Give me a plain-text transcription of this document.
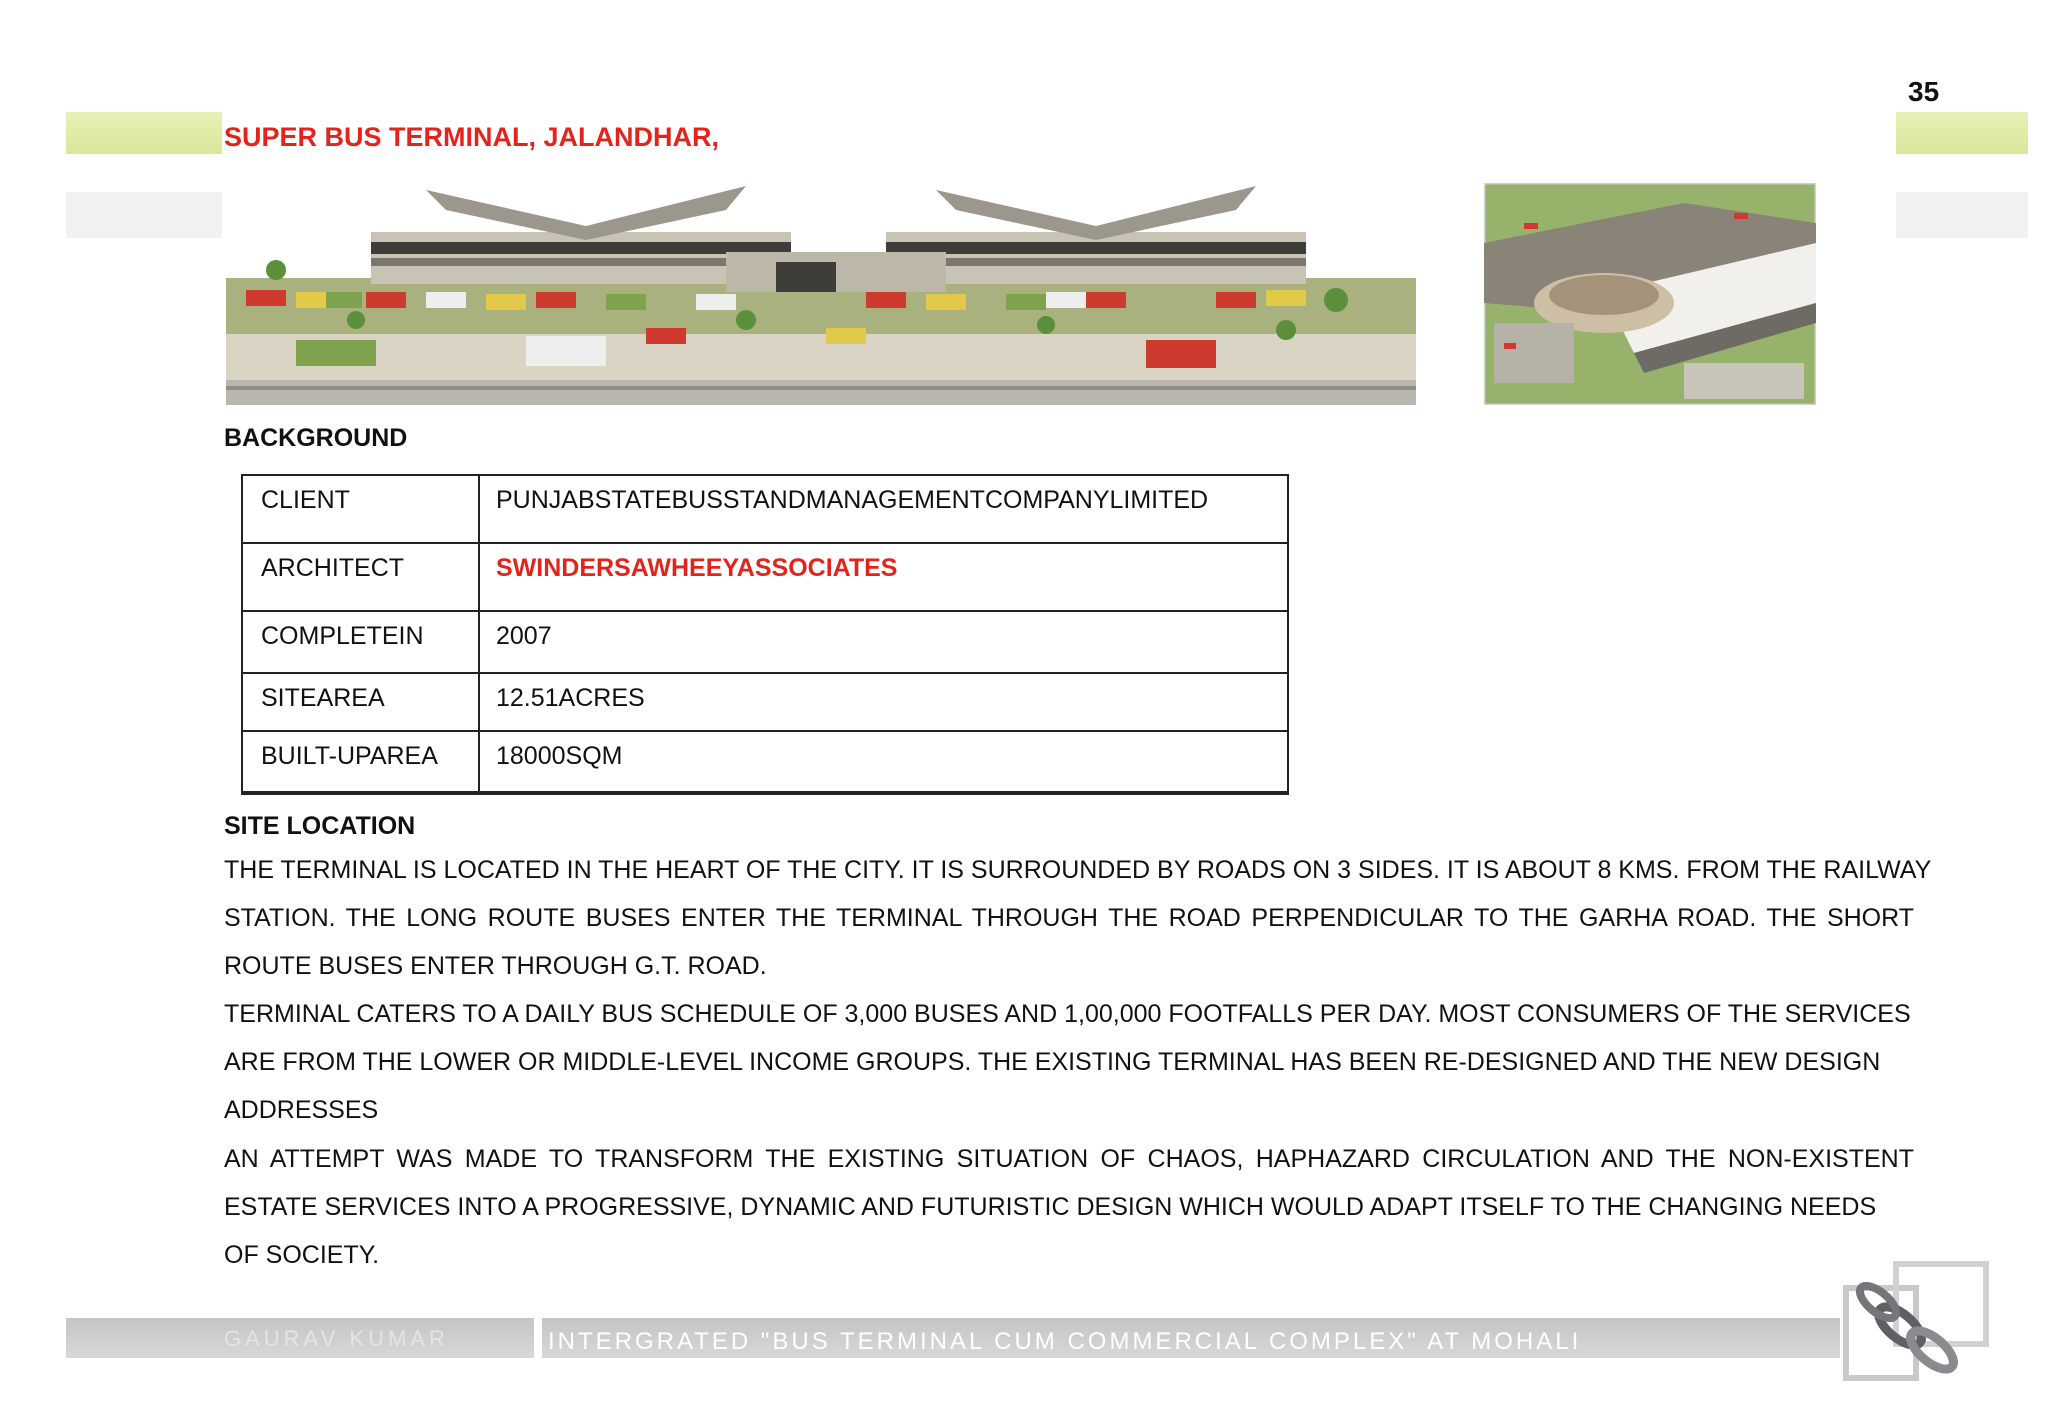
35
SUPER BUS TERMINAL, JALANDHAR,
BACKGROUND
CLIENT	PUNJABSTATEBUSSTANDMANAGEMENTCOMPANYLIMITED
ARCHITECT	SWINDERSAWHEEYASSOCIATES
COMPLETEIN	2007
SITEAREA	12.51ACRES
BUILT-UPAREA 18000SQM
SITE LOCATION
THE TERMINAL IS LOCATED IN THE HEART OF THE CITY. IT IS SURROUNDED BY ROADS ON 3 SIDES. IT IS ABOUT 8 KMS. FROM THE RAILWAY
STATION. THE LONG ROUTE BUSES ENTER THE TERMINAL THROUGH THE ROAD PERPENDICULAR TO THE GARHA ROAD. THE SHORT
ROUTE BUSES ENTER THROUGH G.T. ROAD.
TERMINAL CATERS TO A DAILY BUS SCHEDULE OF 3,000 BUSES AND 1,00,000 FOOTFALLS PER DAY. MOST CONSUMERS OF THE SERVICES
ARE FROM THE LOWER OR MIDDLE-LEVEL INCOME GROUPS. THE EXISTING TERMINAL HAS BEEN RE-DESIGNED AND THE NEW DESIGN
ADDRESSES
AN ATTEMPT WAS MADE TO TRANSFORM THE EXISTING SITUATION OF CHAOS, HAPHAZARD CIRCULATION AND THE NON-EXISTENT
ESTATE SERVICES INTO A PROGRESSIVE, DYNAMIC AND FUTURISTIC DESIGN WHICH WOULD ADAPT ITSELF TO THE CHANGING NEEDS
OF SOCIETY.
GAURAV KUMAR	INTERGRATED "BUS TERMINAL CUM COMMERCIAL COMPLEX" AT MOHALI
